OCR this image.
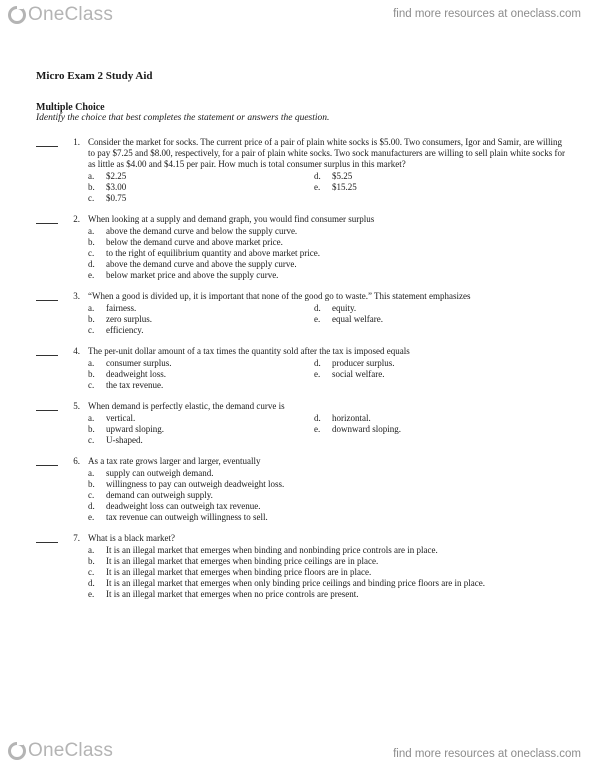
OneClass	find more resources at oneclass.com

Micro Exam 2 Study Aid

Multiple Choice

Identify the choice that best completes the statement or answers the question.

1. Consider the market for socks. The current price of a pair of plain white socks is $5.00. Two consumers, Igor and Samir, are willing to pay $7.25 and $8.00, respectively, for a pair of plain white socks. Two sock manufacturers are willing to sell plain white socks for as little as $4.00 and $4.15 per pair. How much is total consumer surplus in this market?
a.	$2.25	d.	$5.25
b.	$3.00	e.	$15.25
c.	$0.75
2. When looking at a supply and demand graph, you would find consumer surplus
a.	above the demand curve and below the supply curve.
b.	below the demand curve and above market price.
c.	to the right of equilibrium quantity and above market price.
d.	above the demand curve and above the supply curve.
e.	below market price and above the supply curve.
3. “When a good is divided up, it is important that none of the good go to waste.” This statement emphasizes
a.	fairness.	d.	equity.
b.	zero surplus.	e.	equal welfare.
c.	efficiency.
4. The per-unit dollar amount of a tax times the quantity sold after the tax is imposed equals
a.	consumer surplus.	d.	producer surplus.
b.	deadweight loss.	e.	social welfare.
c.	the tax revenue.
5. When demand is perfectly elastic, the demand curve is
a.	vertical.	d.	horizontal.
b.	upward sloping.	e.	downward sloping.
c.	U-shaped.
6. As a tax rate grows larger and larger, eventually
a.	supply can outweigh demand.
b.	willingness to pay can outweigh deadweight loss.
c.	demand can outweigh supply.
d.	deadweight loss can outweigh tax revenue.
e.	tax revenue can outweigh willingness to sell.
7. What is a black market?
a.	It is an illegal market that emerges when binding and nonbinding price controls are in place.
b.	It is an illegal market that emerges when binding price ceilings are in place.
c.	It is an illegal market that emerges when binding price floors are in place.
d.	It is an illegal market that emerges when only binding price ceilings and binding price floors are in place.
e.	It is an illegal market that emerges when no price controls are present.
OneClass	find more resources at oneclass.com
